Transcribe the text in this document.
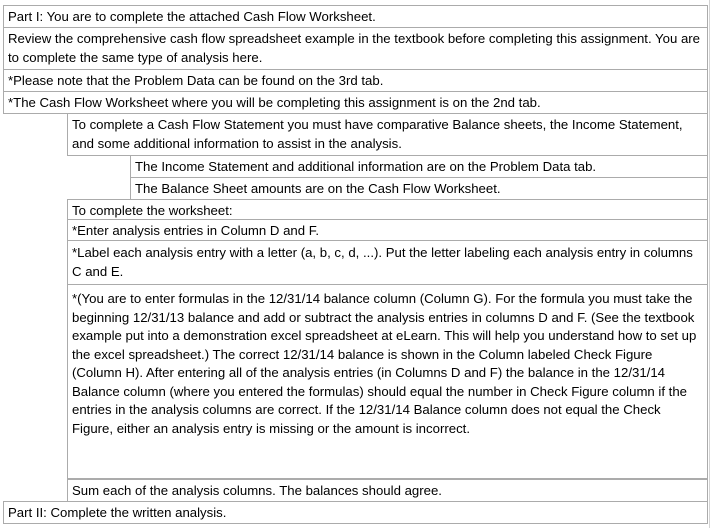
Part I: You are to complete the attached Cash Flow Worksheet.
Review the comprehensive cash flow spreadsheet example in the textbook before completing this assignment. You are to complete the same type of analysis here.
*Please note that the Problem Data can be found on the 3rd tab.
*The Cash Flow Worksheet where you will be completing this assignment is on the 2nd tab.
To complete a Cash Flow Statement you must have comparative Balance sheets, the Income Statement, and some additional information to assist in the analysis.
The Income Statement and additional information are on the Problem Data tab.
The Balance Sheet amounts are on the Cash Flow Worksheet.
To complete the worksheet:
*Enter analysis entries in Column D and F.
*Label each analysis entry with a letter (a, b, c, d, ...). Put the letter labeling each analysis entry in columns C and E.
*(You are to enter formulas in the 12/31/14 balance column (Column G). For the formula you must take the beginning 12/31/13 balance and add or subtract the analysis entries in columns D and F. (See the textbook example put into a demonstration excel spreadsheet at eLearn. This will help you understand how to set up the excel spreadsheet.) The correct 12/31/14 balance is shown in the Column labeled Check Figure (Column H). After entering all of the analysis entries (in Columns D and F) the balance in the 12/31/14 Balance column (where you entered the formulas) should equal the number in Check Figure column if the entries in the analysis columns are correct. If the 12/31/14 Balance column does not equal the Check Figure, either an analysis entry is missing or the amount is incorrect.
Sum each of the analysis columns. The balances should agree.
Part II: Complete the written analysis.
